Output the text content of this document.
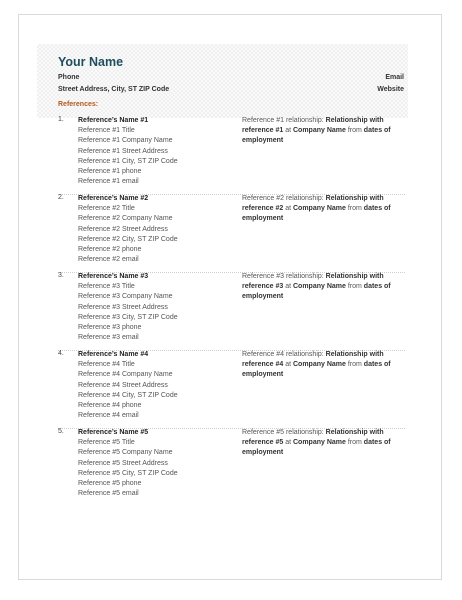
Your Name
Phone
Street Address, City, ST ZIP Code
Email
Website
References:
1. Reference’s Name #1
Reference #1 Title
Reference #1 Company Name
Reference #1 Street Address
Reference #1 City, ST ZIP Code
Reference #1 phone
Reference #1 email
Reference #1 relationship: Relationship with reference #1 at Company Name from dates of employment
2. Reference’s Name #2
Reference #2 Title
Reference #2 Company Name
Reference #2 Street Address
Reference #2 City, ST ZIP Code
Reference #2 phone
Reference #2 email
Reference #2 relationship: Relationship with reference #2 at Company Name from dates of employment
3. Reference’s Name #3
Reference #3 Title
Reference #3 Company Name
Reference #3 Street Address
Reference #3 City, ST ZIP Code
Reference #3 phone
Reference #3 email
Reference #3 relationship: Relationship with reference #3 at Company Name from dates of employment
4. Reference’s Name #4
Reference #4 Title
Reference #4 Company Name
Reference #4 Street Address
Reference #4 City, ST ZIP Code
Reference #4 phone
Reference #4 email
Reference #4 relationship: Relationship with reference #4 at Company Name from dates of employment
5. Reference’s Name #5
Reference #5 Title
Reference #5 Company Name
Reference #5 Street Address
Reference #5 City, ST ZIP Code
Reference #5 phone
Reference #5 email
Reference #5 relationship: Relationship with reference #5 at Company Name from dates of employment
